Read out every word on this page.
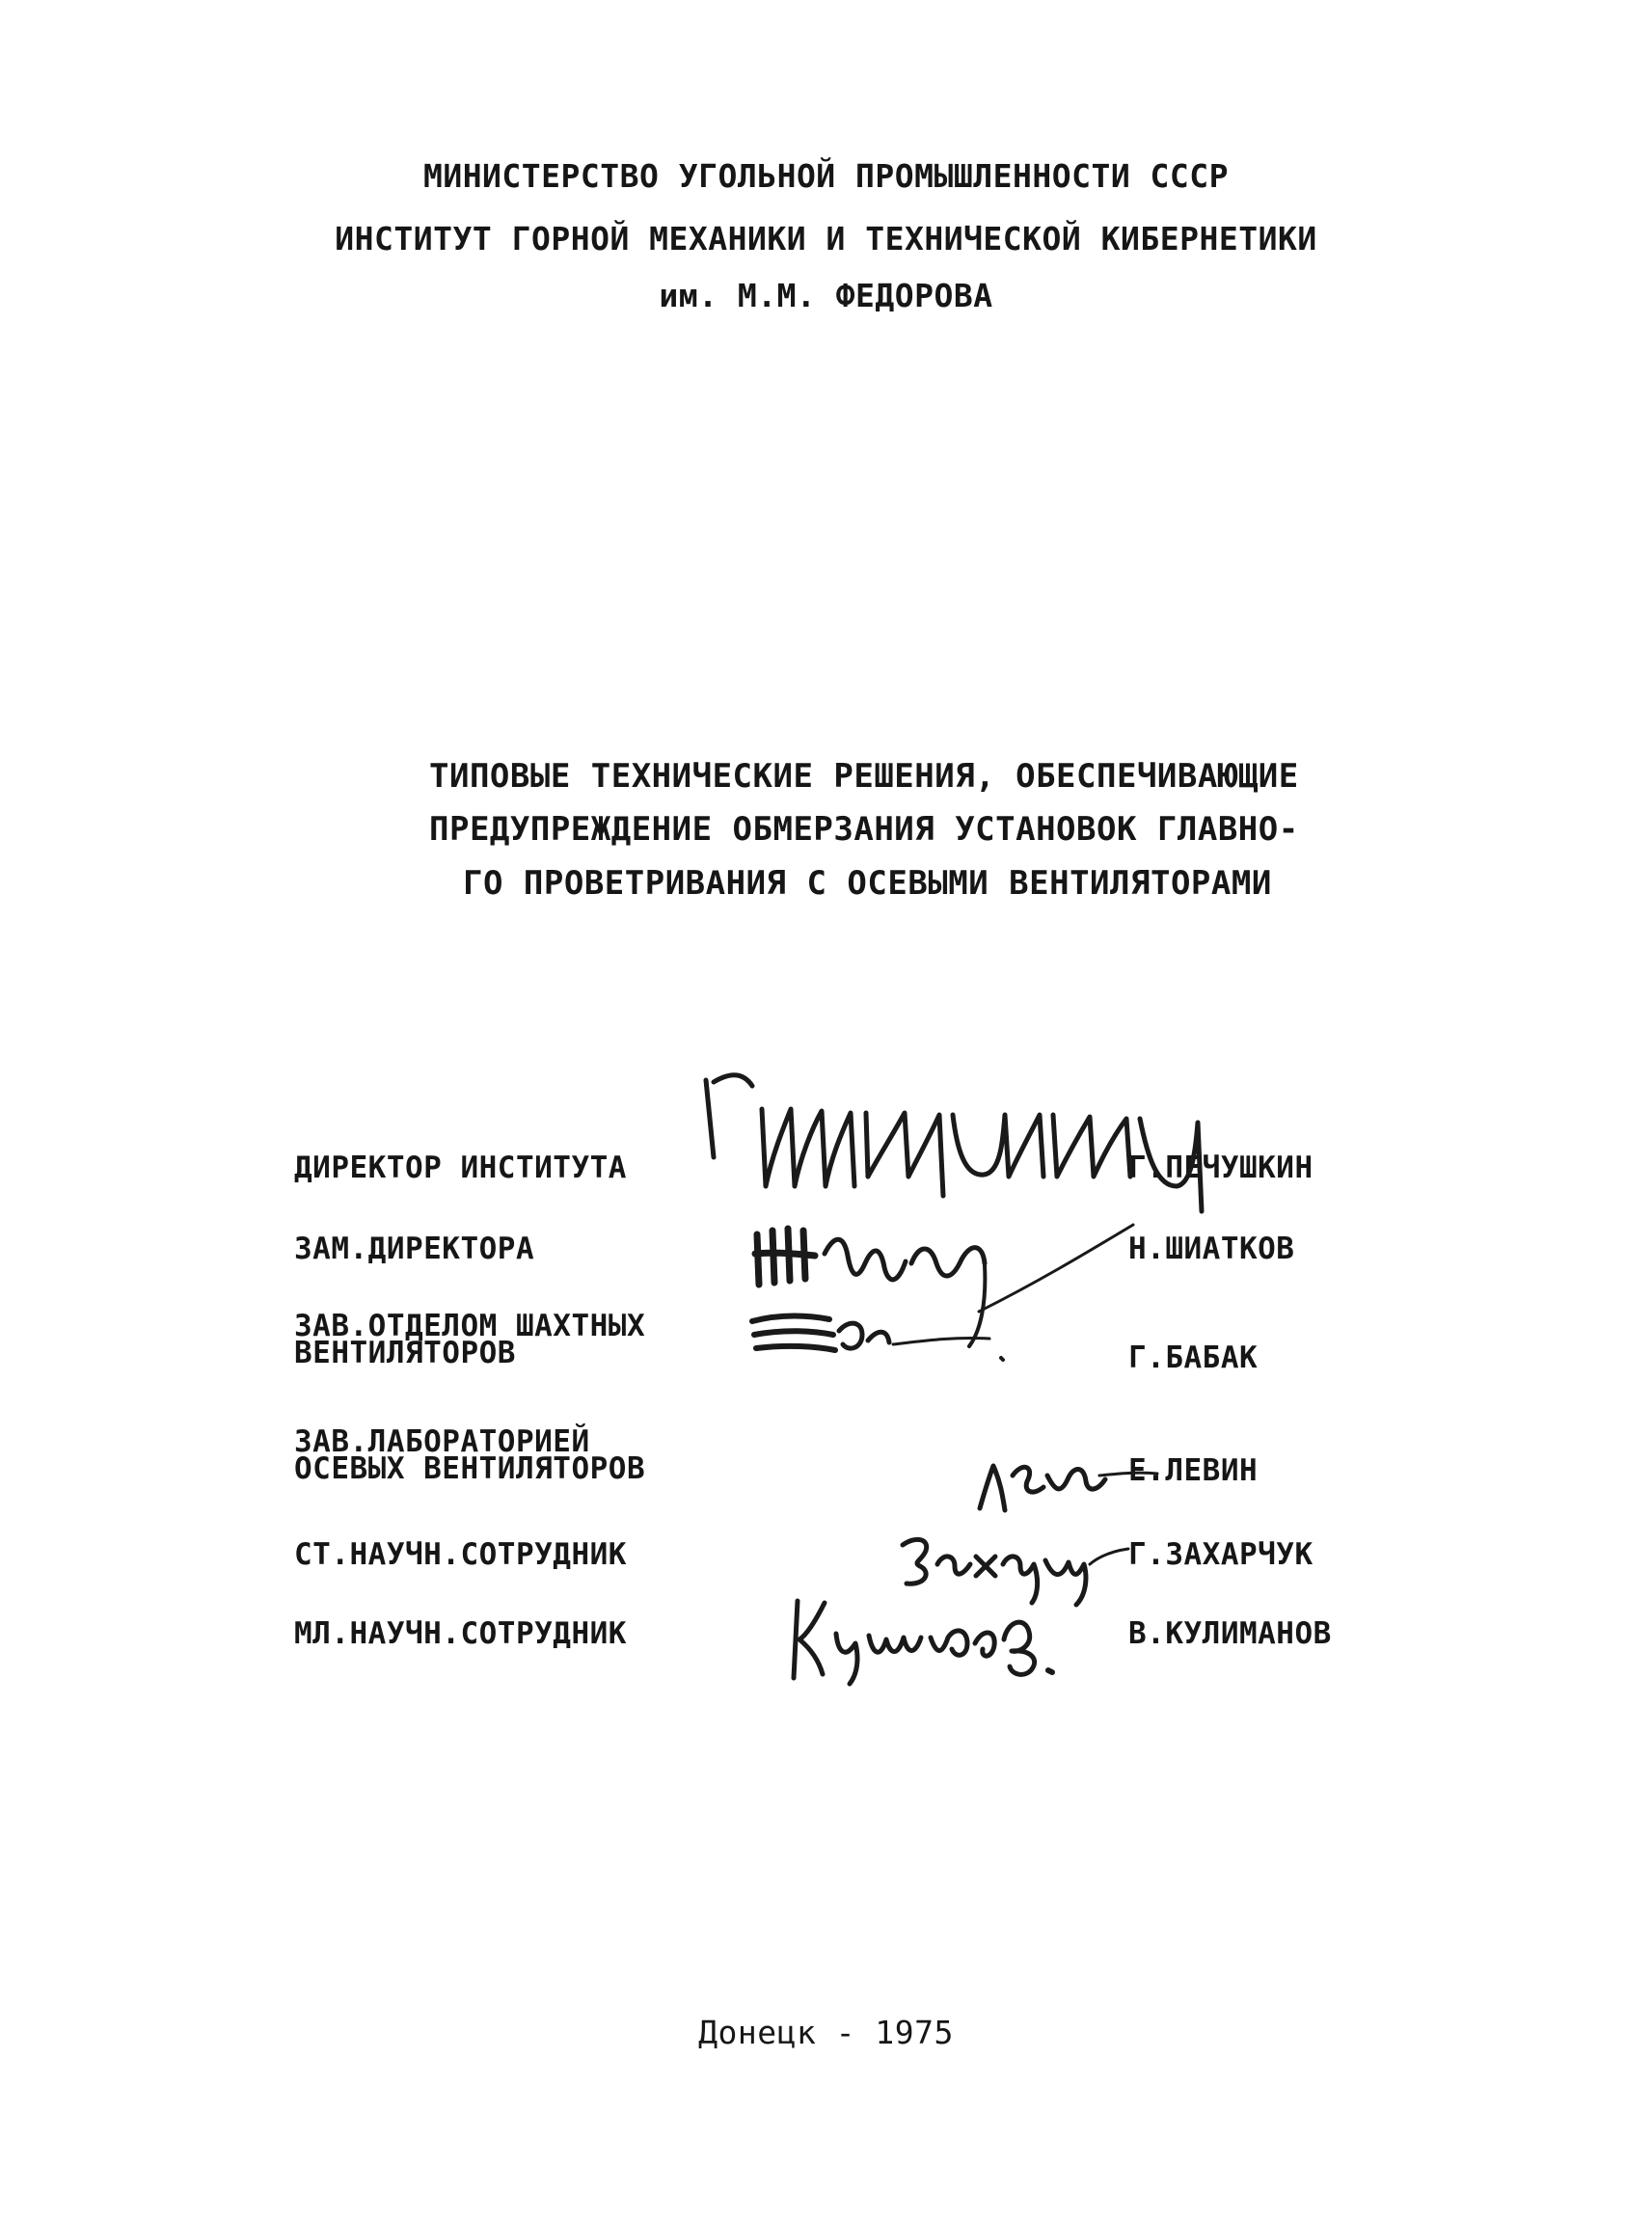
МИНИСТЕРСТВО УГОЛЬНОЙ ПРОМЫШЛЕННОСТИ СССР

ИНСТИТУТ ГОРНОЙ МЕХАНИКИ И ТЕХНИЧЕСКОЙ КИБЕРНЕТИКИ

им. М.М. ФЕДОРОВА

ТИПОВЫЕ ТЕХНИЧЕСКИЕ РЕШЕНИЯ, ОБЕСПЕЧИВАЮЩИЕ

ПРЕДУПРЕЖДЕНИЕ ОБМЕРЗАНИЯ УСТАНОВОК ГЛАВНО-

ГО ПРОВЕТРИВАНИЯ С ОСЕВЫМИ ВЕНТИЛЯТОРАМИ

ДИРЕКТОР ИНСТИТУТА

ЗАМ.ДИРЕКТОРА

ЗАВ.ОТДЕЛОМ ШАХТНЫХ

ВЕНТИЛЯТОРОВ

ЗАВ.ЛАБОРАТОРИЕЙ

ОСЕВЫХ ВЕНТИЛЯТОРОВ

СТ.НАУЧН.СОТРУДНИК

МЛ.НАУЧН.СОТРУДНИК

Г.ПЕЧУШКИН

Н.ШИАТКОВ

Г.БАБАК

Е.ЛЕВИН

Г.ЗАХАРЧУК

В.КУЛИМАНОВ

Донецк - 1975
